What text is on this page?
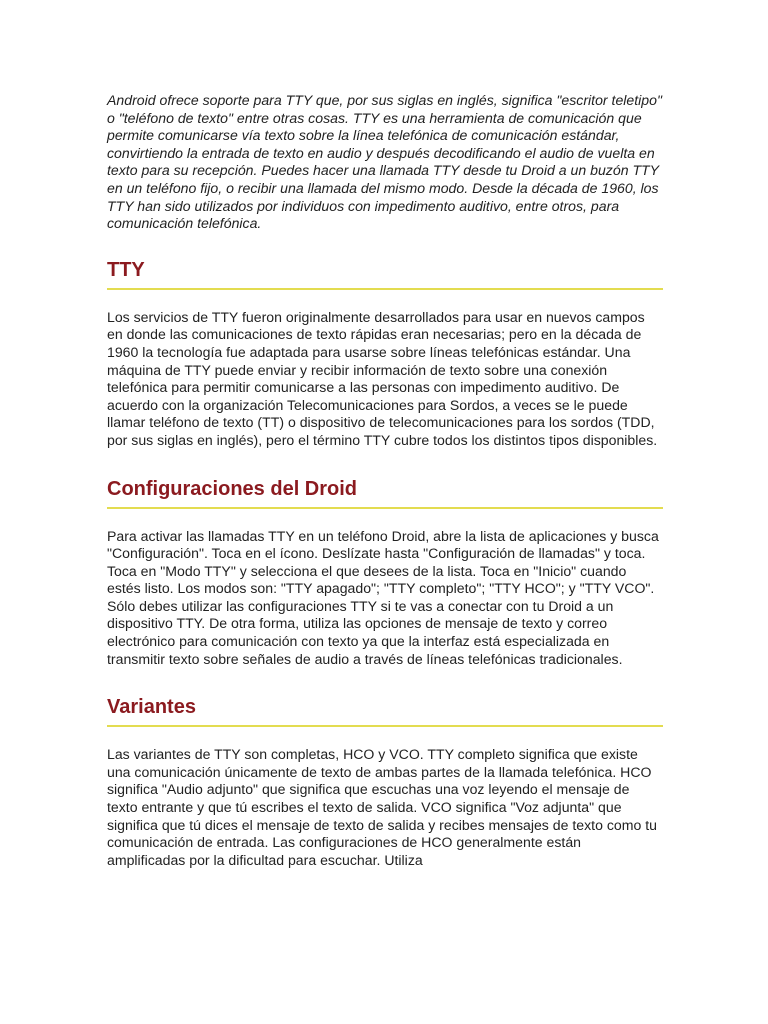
Android ofrece soporte para TTY que, por sus siglas en inglés, significa "escritor teletipo" o "teléfono de texto" entre otras cosas. TTY es una herramienta de comunicación que permite comunicarse vía texto sobre la línea telefónica de comunicación estándar, convirtiendo la entrada de texto en audio y después decodificando el audio de vuelta en texto para su recepción. Puedes hacer una llamada TTY desde tu Droid a un buzón TTY en un teléfono fijo, o recibir una llamada del mismo modo. Desde la década de 1960, los TTY han sido utilizados por individuos con impedimento auditivo, entre otros, para comunicación telefónica.

TTY

Los servicios de TTY fueron originalmente desarrollados para usar en nuevos campos en donde las comunicaciones de texto rápidas eran necesarias; pero en la década de 1960 la tecnología fue adaptada para usarse sobre líneas telefónicas estándar. Una máquina de TTY puede enviar y recibir información de texto sobre una conexión telefónica para permitir comunicarse a las personas con impedimento auditivo. De acuerdo con la organización Telecomunicaciones para Sordos, a veces se le puede llamar teléfono de texto (TT) o dispositivo de telecomunicaciones para los sordos (TDD, por sus siglas en inglés), pero el término TTY cubre todos los distintos tipos disponibles.

Configuraciones del Droid

Para activar las llamadas TTY en un teléfono Droid, abre la lista de aplicaciones y busca "Configuración". Toca en el ícono. Deslízate hasta "Configuración de llamadas" y toca. Toca en "Modo TTY" y selecciona el que desees de la lista. Toca en "Inicio" cuando estés listo. Los modos son: "TTY apagado"; "TTY completo"; "TTY HCO"; y "TTY VCO". Sólo debes utilizar las configuraciones TTY si te vas a conectar con tu Droid a un dispositivo TTY. De otra forma, utiliza las opciones de mensaje de texto y correo electrónico para comunicación con texto ya que la interfaz está especializada en transmitir texto sobre señales de audio a través de líneas telefónicas tradicionales.

Variantes

Las variantes de TTY son completas, HCO y VCO. TTY completo significa que existe una comunicación únicamente de texto de ambas partes de la llamada telefónica. HCO significa "Audio adjunto" que significa que escuchas una voz leyendo el mensaje de texto entrante y que tú escribes el texto de salida. VCO significa "Voz adjunta" que significa que tú dices el mensaje de texto de salida y recibes mensajes de texto como tu comunicación de entrada. Las configuraciones de HCO generalmente están amplificadas por la dificultad para escuchar. Utiliza
